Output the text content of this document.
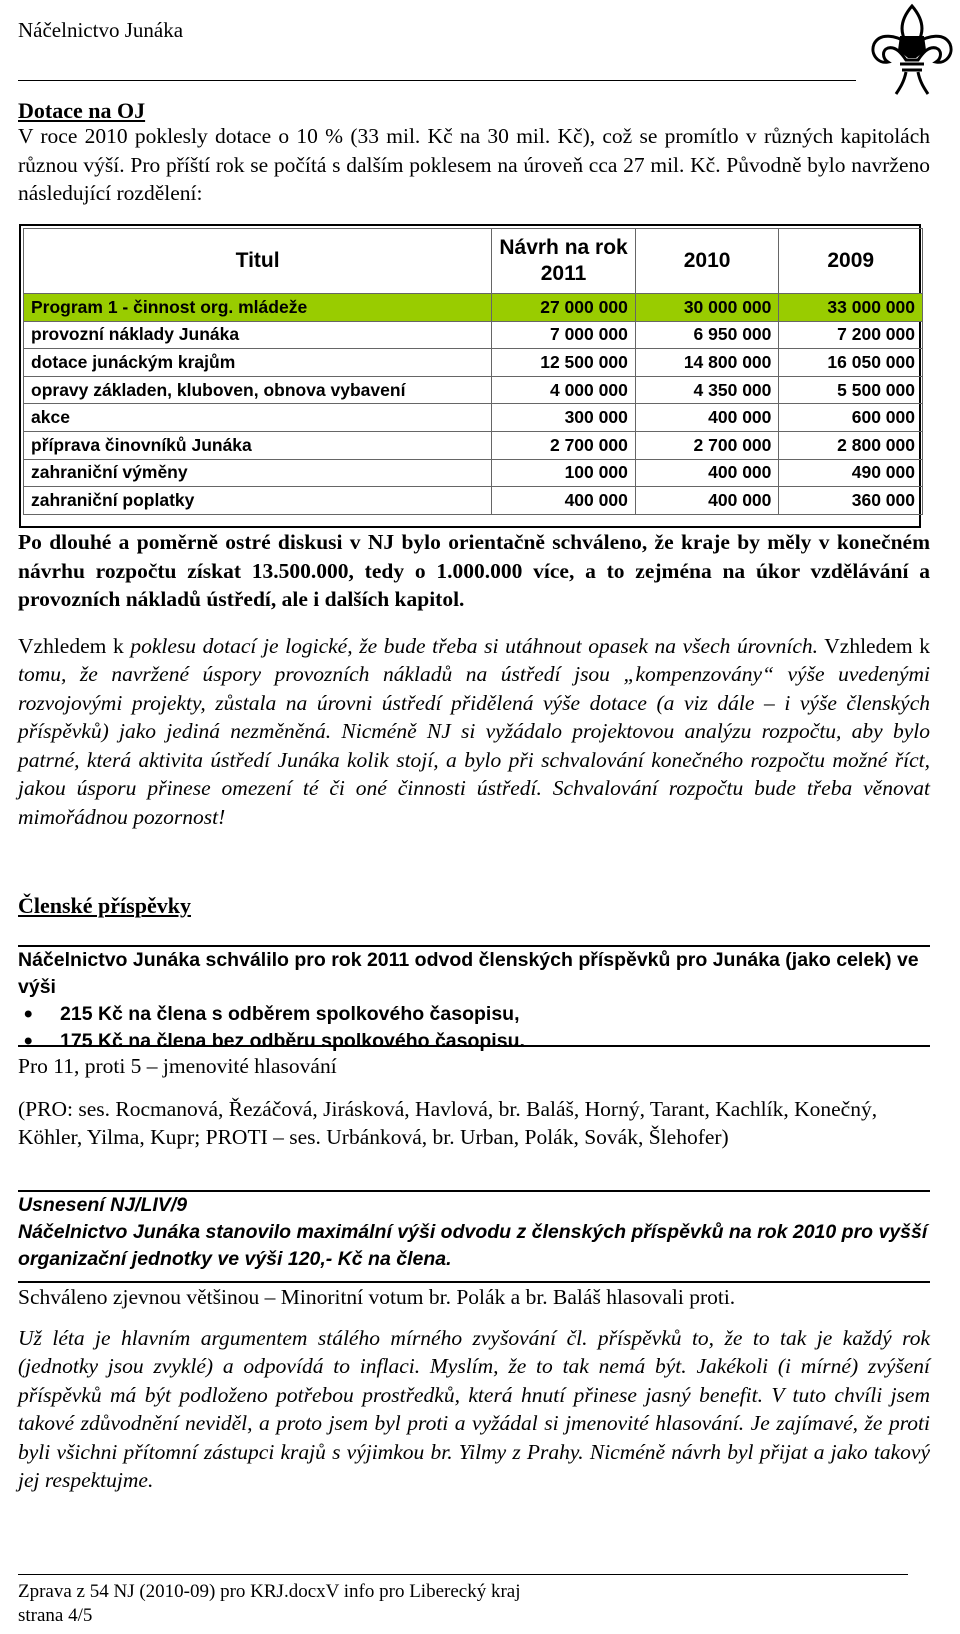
Náčelnictvo Junáka
Dotace na OJ
V roce 2010 poklesly dotace o 10 % (33 mil. Kč na 30 mil. Kč), což se promítlo v různých kapitolách různou výší. Pro příští rok se počítá s dalším poklesem na úroveň cca 27 mil. Kč. Původně bylo navrženo následující rozdělení:
Titul	Návrh na rok 2011	2010	2009
Program 1 - činnost org. mládeže	27 000 000	30 000 000	33 000 000
provozní náklady Junáka	7 000 000	6 950 000	7 200 000
dotace junáckým krajům	12 500 000	14 800 000	16 050 000
opravy základen, kluboven, obnova vybavení	4 000 000	4 350 000	5 500 000
akce	300 000	400 000	600 000
příprava činovníků Junáka	2 700 000	2 700 000	2 800 000
zahraniční výměny	100 000	400 000	490 000
zahraniční poplatky	400 000	400 000	360 000
Po dlouhé a poměrně ostré diskusi v NJ bylo orientačně schváleno, že kraje by měly v konečném návrhu rozpočtu získat 13.500.000, tedy o 1.000.000 více, a to zejména na úkor vzdělávání a provozních nákladů ústředí, ale i dalších kapitol.
Vzhledem k poklesu dotací je logické, že bude třeba si utáhnout opasek na všech úrovních. Vzhledem k tomu, že navržené úspory provozních nákladů na ústředí jsou „kompenzovány“ výše uvedenými rozvojovými projekty, zůstala na úrovni ústředí přidělená výše dotace (a viz dále – i výše členských příspěvků) jako jediná nezměněná. Nicméně NJ si vyžádalo projektovou analýzu rozpočtu, aby bylo patrné, která aktivita ústředí Junáka kolik stojí, a bylo při schvalování konečného rozpočtu možné říct, jakou úsporu přinese omezení té či oné činnosti ústředí. Schvalování rozpočtu bude třeba věnovat mimořádnou pozornost!
Členské příspěvky
Náčelnictvo Junáka schválilo pro rok 2011 odvod členských příspěvků pro Junáka (jako celek) ve výši
• 215 Kč na člena s odběrem spolkového časopisu,
• 175 Kč na člena bez odběru spolkového časopisu.
Pro 11, proti 5 – jmenovité hlasování
(PRO: ses. Rocmanová, Řezáčová, Jirásková, Havlová, br. Baláš, Horný, Tarant, Kachlík, Konečný, Köhler, Yilma, Kupr; PROTI – ses. Urbánková, br. Urban, Polák, Sovák, Šlehofer)
Usnesení NJ/LIV/9
Náčelnictvo Junáka stanovilo maximální výši odvodu z členských příspěvků na rok 2010 pro vyšší organizační jednotky ve výši 120,- Kč na člena.
Schváleno zjevnou většinou – Minoritní votum br. Polák a br. Baláš hlasovali proti.
Už léta je hlavním argumentem stálého mírného zvyšování čl. příspěvků to, že to tak je každý rok (jednotky jsou zvyklé) a odpovídá to inflaci. Myslím, že to tak nemá být. Jakékoli (i mírné) zvýšení příspěvků má být podloženo potřebou prostředků, která hnutí přinese jasný benefit. V tuto chvíli jsem takové zdůvodnění neviděl, a proto jsem byl proti a vyžádal si jmenovité hlasování. Je zajímavé, že proti byli všichni přítomní zástupci krajů s výjimkou br. Yilmy z Prahy. Nicméně návrh byl přijat a jako takový jej respektujme.
Zprava z 54 NJ (2010-09) pro KRJ.docxV info pro Liberecký kraj
strana 4/5
